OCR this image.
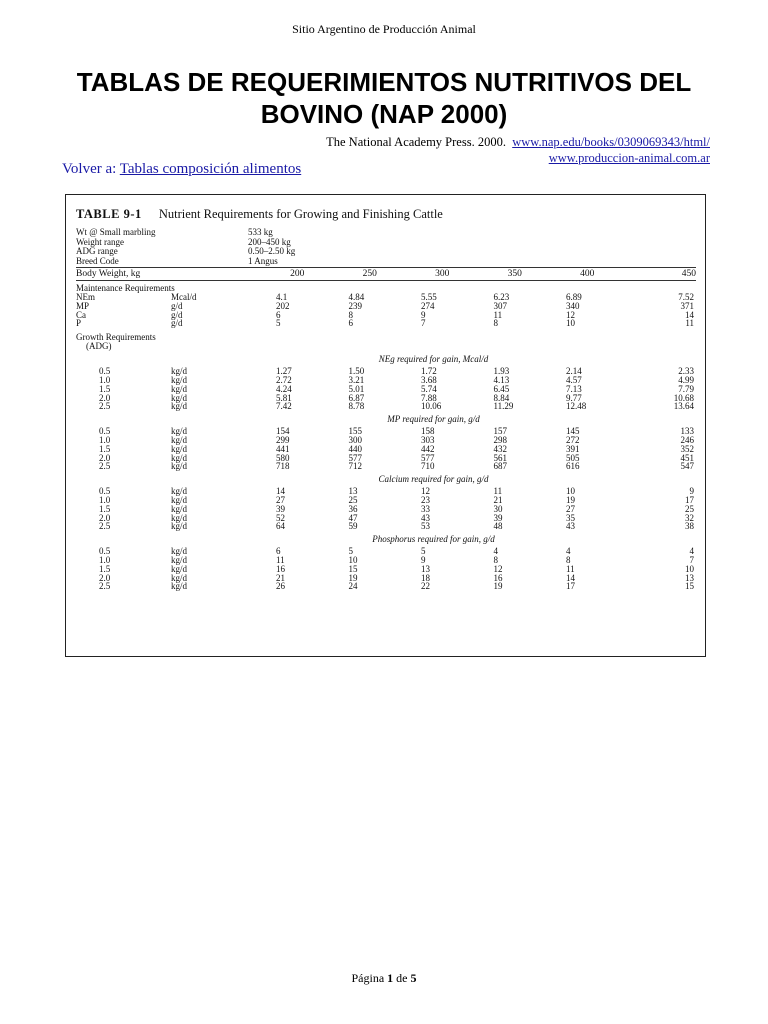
Sitio Argentino de Producción Animal
TABLAS DE REQUERIMIENTOS NUTRITIVOS DEL BOVINO (NAP 2000)
The National Academy Press. 2000. www.nap.edu/books/0309069343/html/
www.produccion-animal.com.ar
Volver a: Tablas composición alimentos
TABLE 9-1 Nutrient Requirements for Growing and Finishing Cattle
Wt @ Small marbling	533 kg
Weight range	200–450 kg
ADG range	0.50–2.50 kg
Breed Code	1 Angus
Body Weight, kg	200	250	300	350	400	450
Maintenance Requirements
NEm	Mcal/d	4.1	4.84	5.55	6.23	6.89	7.52
MP	g/d	202	239	274	307	340	371
Ca	g/d	6	8	9	11	12	14
P	g/d	5	6	7	8	10	11
Growth Requirements
(ADG)
NEg required for gain, Mcal/d
0.5	kg/d	1.27	1.50	1.72	1.93	2.14	2.33
1.0	kg/d	2.72	3.21	3.68	4.13	4.57	4.99
1.5	kg/d	4.24	5.01	5.74	6.45	7.13	7.79
2.0	kg/d	5.81	6.87	7.88	8.84	9.77	10.68
2.5	kg/d	7.42	8.78	10.06	11.29	12.48	13.64
MP required for gain, g/d
0.5	kg/d	154	155	158	157	145	133
1.0	kg/d	299	300	303	298	272	246
1.5	kg/d	441	440	442	432	391	352
2.0	kg/d	580	577	577	561	505	451
2.5	kg/d	718	712	710	687	616	547
Calcium required for gain, g/d
0.5	kg/d	14	13	12	11	10	9
1.0	kg/d	27	25	23	21	19	17
1.5	kg/d	39	36	33	30	27	25
2.0	kg/d	52	47	43	39	35	32
2.5	kg/d	64	59	53	48	43	38
Phosphorus required for gain, g/d
0.5	kg/d	6	5	5	4	4	4
1.0	kg/d	11	10	9	8	8	7
1.5	kg/d	16	15	13	12	11	10
2.0	kg/d	21	19	18	16	14	13
2.5	kg/d	26	24	22	19	17	15
Página 1 de 5
